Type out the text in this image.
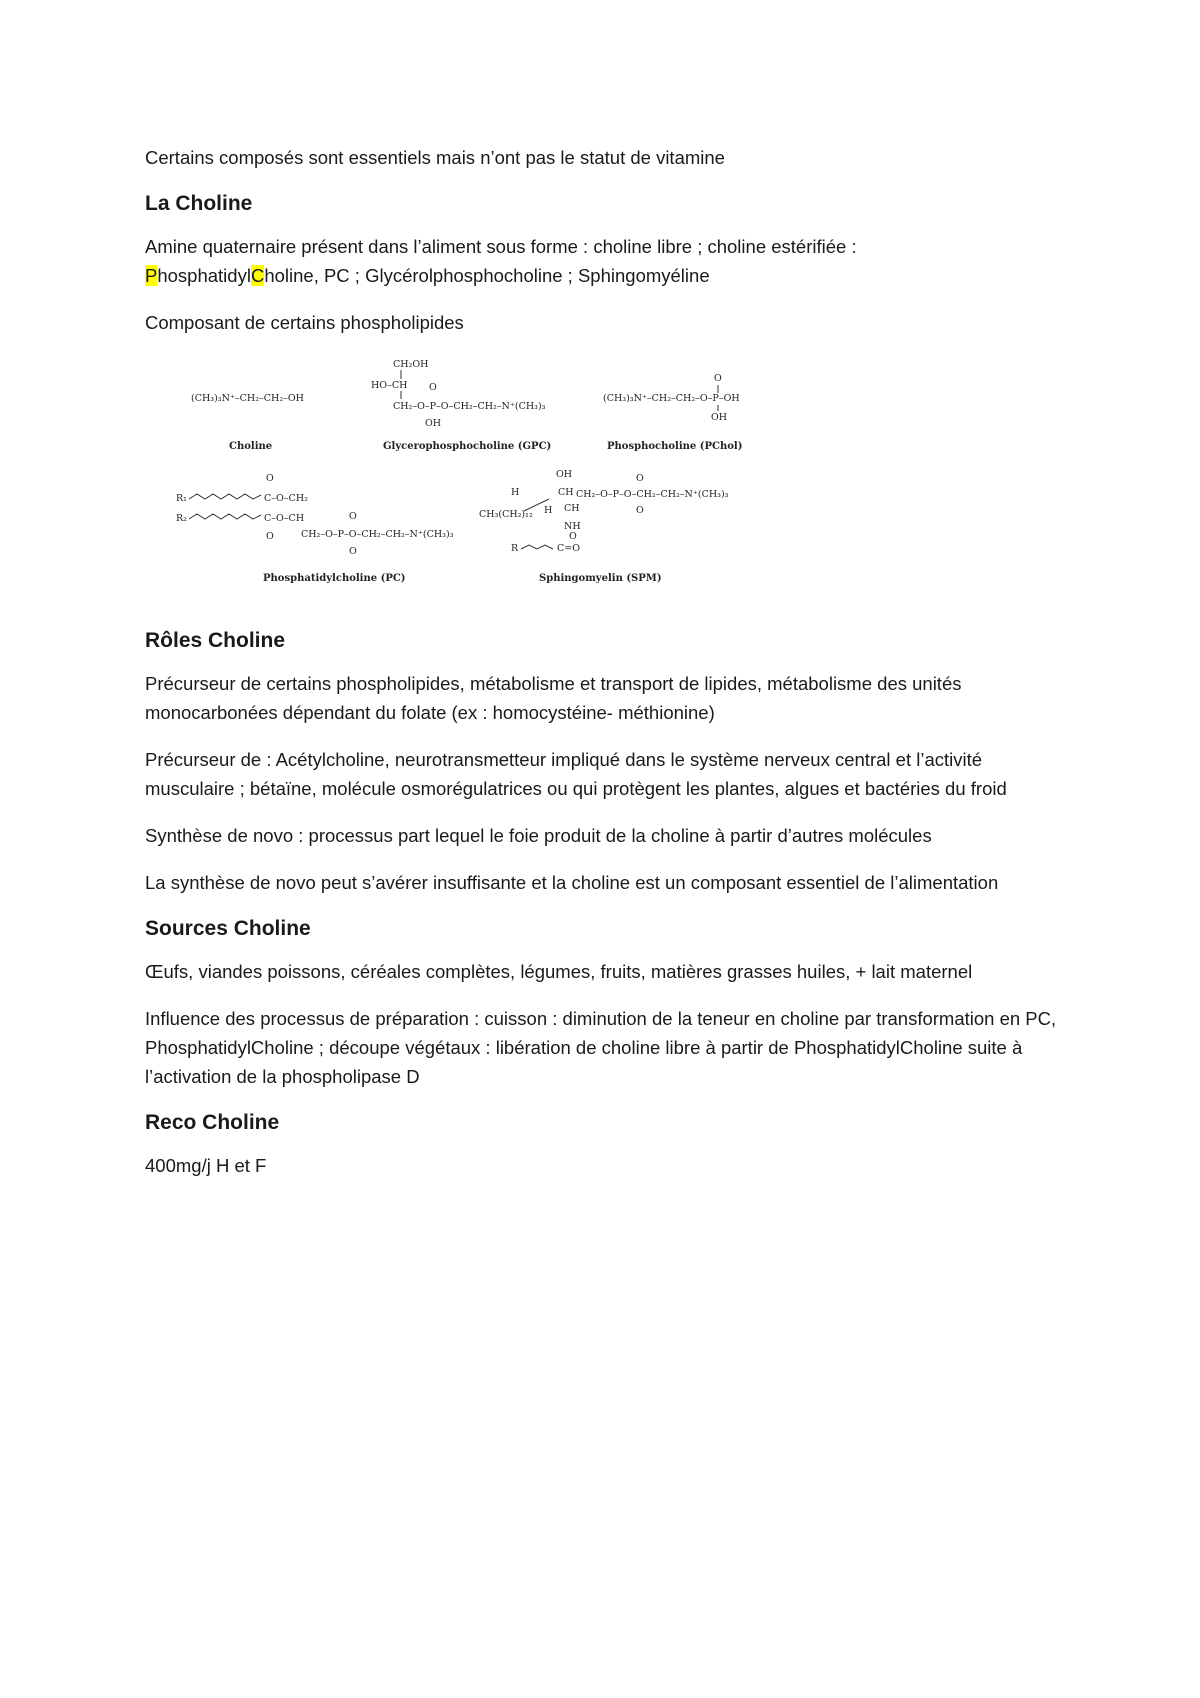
Certains composés sont essentiels mais n’ont pas le statut de vitamine

La Choline

Amine quaternaire présent dans l’aliment sous forme : choline libre ; choline estérifiée :
PhosphatidylCholine, PC ; Glycérolphosphocholine ; Sphingomyéline

Composant de certains phospholipides

(CH₃)₃N⁺–CH₂–CH₂–OH
Choline
CH₂OH
HO–CH O
CH₂–O–P–O–CH₂–CH₂–N⁺(CH₃)₃
OH
Glycerophosphocholine (GPC)
O
(CH₃)₃N⁺–CH₂–CH₂–O–P–OH
OH
Phosphocholine (PChol)
O
R₁	C–O–CH₂
R₂	C–O–CH
O
O
CH₂–O–P–O–CH₂–CH₂–N⁺(CH₃)₃
O
Phosphatidylcholine (PC)
OH
CH
O
CH₂–O–P–O–CH₂–CH₂–N⁺(CH₃)₃
O
H
CH₃(CH₂)₁₂ H CH
NH
O
R	C=O
Sphingomyelin (SPM)
Rôles Choline

Précurseur de certains phospholipides, métabolisme et transport de lipides, métabolisme des unités monocarbonées dépendant du folate (ex : homocystéine- méthionine)

Précurseur de : Acétylcholine, neurotransmetteur impliqué dans le système nerveux central et l’activité musculaire ; bétaïne, molécule osmorégulatrices ou qui protègent les plantes, algues et bactéries du froid

Synthèse de novo : processus part lequel le foie produit de la choline à partir d’autres molécules

La synthèse de novo peut s’avérer insuffisante et la choline est un composant essentiel de l’alimentation

Sources Choline

Œufs, viandes poissons, céréales complètes, légumes, fruits, matières grasses huiles, + lait maternel

Influence des processus de préparation : cuisson : diminution de la teneur en choline par transformation en PC, PhosphatidylCholine ; découpe végétaux : libération de choline libre à partir de PhosphatidylCholine suite à l’activation de la phospholipase D

Reco Choline

400mg/j H et F
